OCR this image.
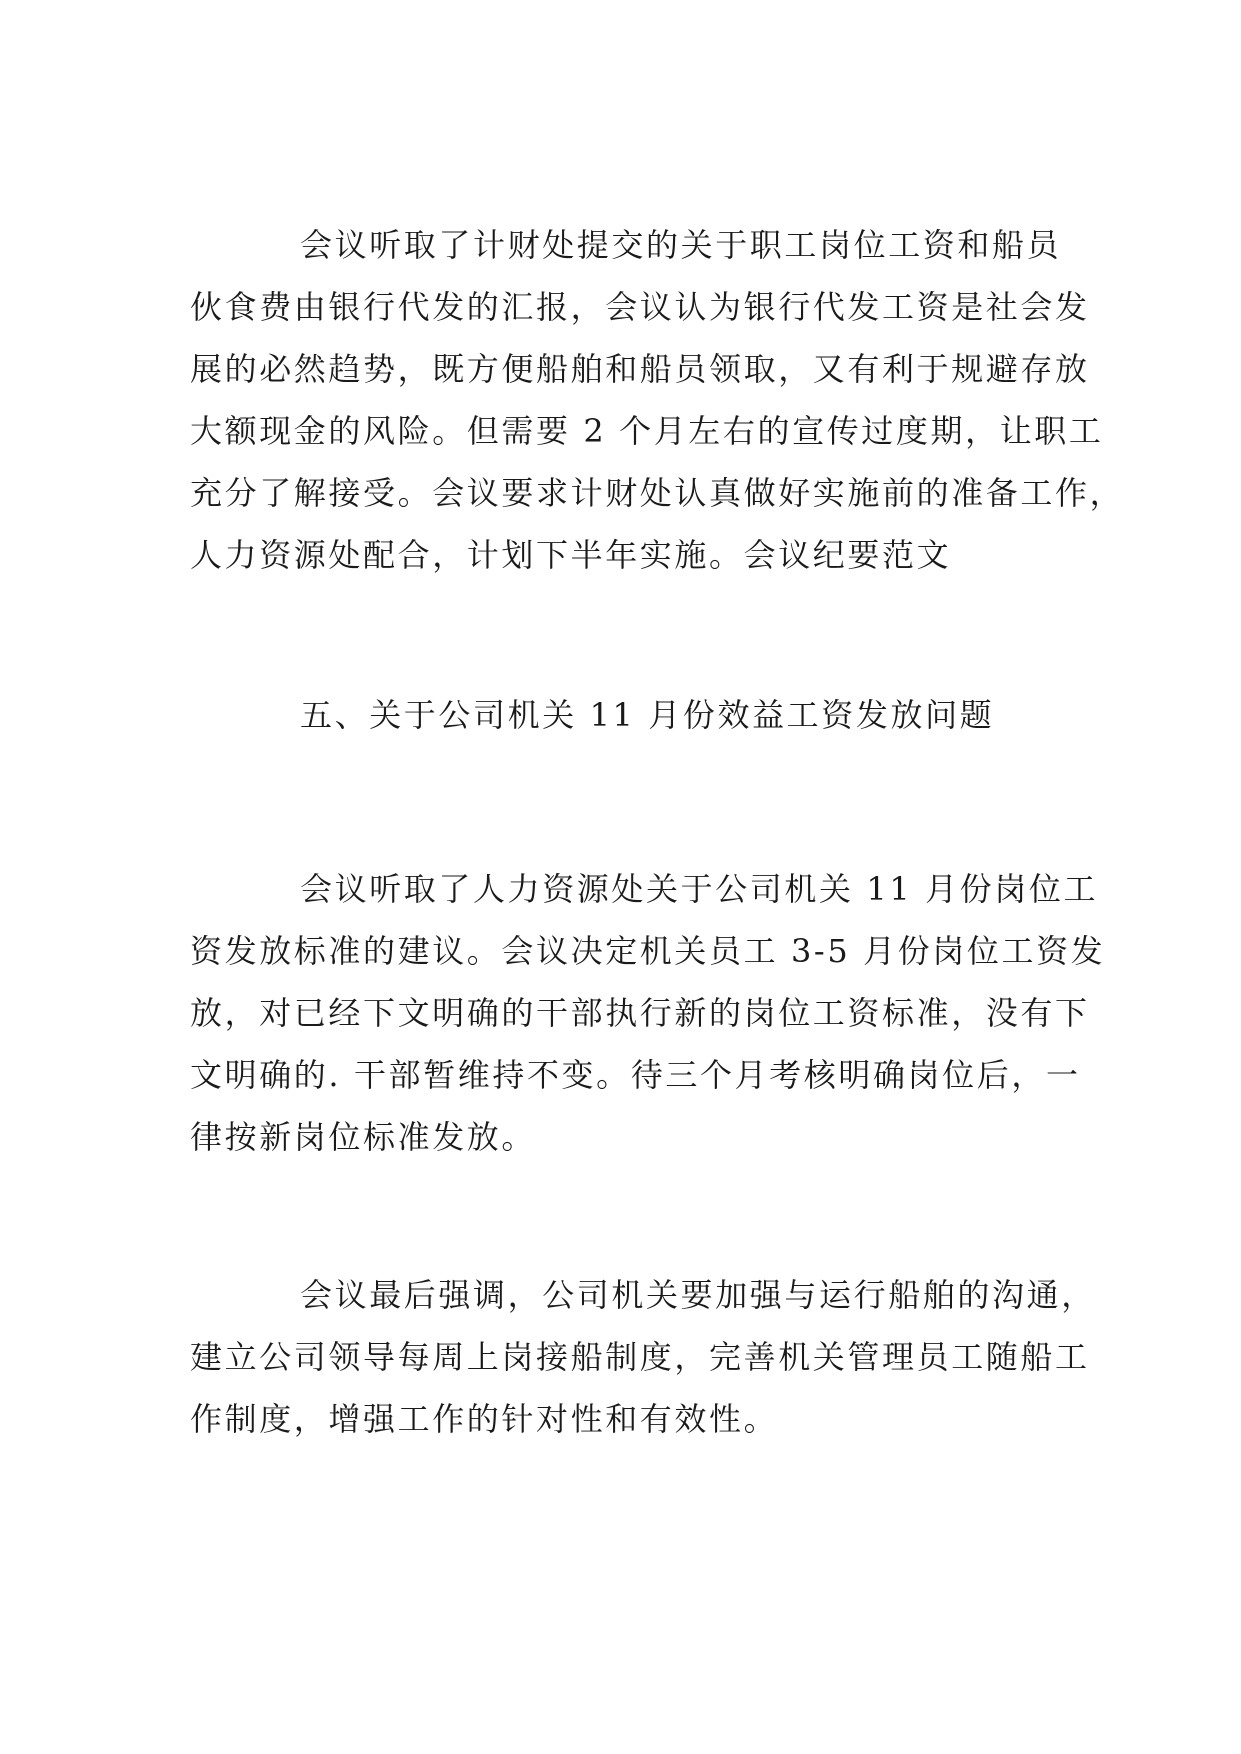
会议听取了计财处提交的关于职工岗位工资和船员
伙食费由银行代发的汇报，会议认为银行代发工资是社会发
展的必然趋势，既方便船舶和船员领取，又有利于规避存放
大额现金的风险。但需要 2 个月左右的宣传过度期，让职工
充分了解接受。会议要求计财处认真做好实施前的准备工作，
人力资源处配合，计划下半年实施。会议纪要范文
五、关于公司机关 11 月份效益工资发放问题
会议听取了人力资源处关于公司机关 11 月份岗位工
资发放标准的建议。会议决定机关员工 3-5 月份岗位工资发
放，对已经下文明确的干部执行新的岗位工资标准，没有下
文明确的. 干部暂维持不变。待三个月考核明确岗位后，一
律按新岗位标准发放。
会议最后强调，公司机关要加强与运行船舶的沟通，
建立公司领导每周上岗接船制度，完善机关管理员工随船工
作制度，增强工作的针对性和有效性。
